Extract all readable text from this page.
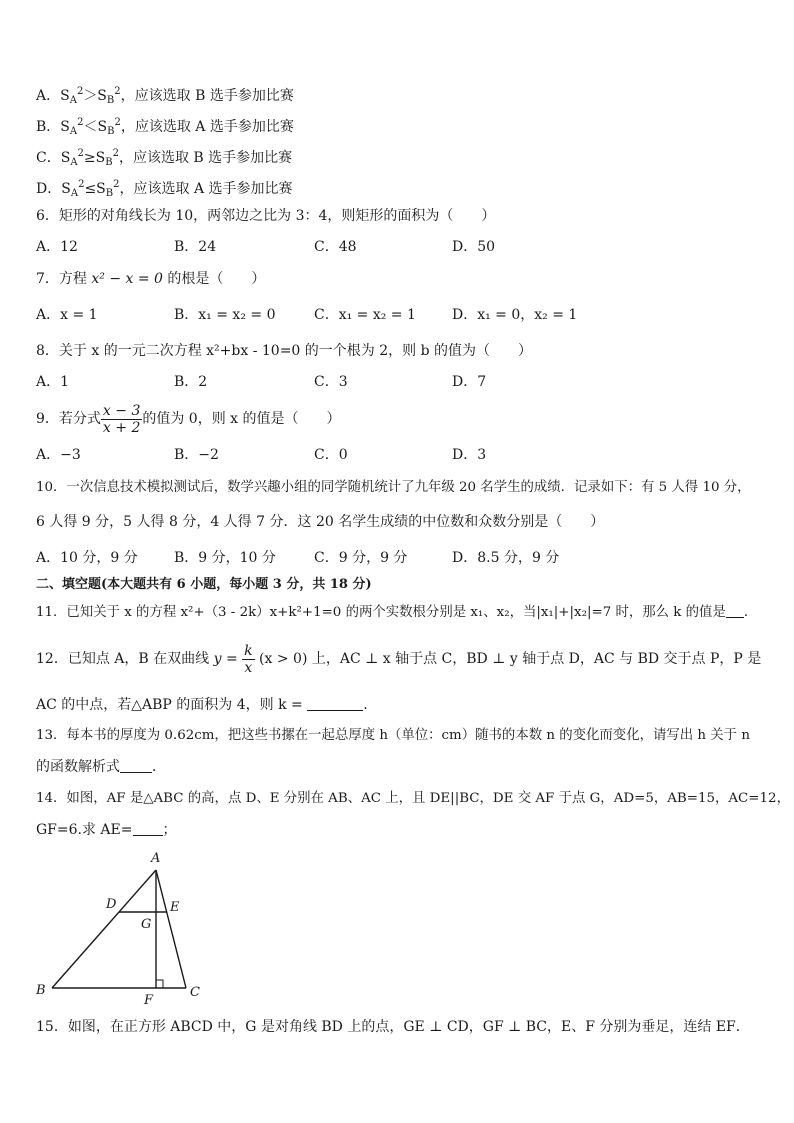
A．$S_A^2>S_B^2$，应该选取 B 选手参加比赛
B．$S_A^2<S_B^2$，应该选取 A 选手参加比赛
C．$S_A^2\ge S_B^2$，应该选取 B 选手参加比赛
D．$S_A^2\le S_B^2$，应该选取 A 选手参加比赛
6．矩形的对角线长为 10，两邻边之比为 3：4，则矩形的面积为（　　）
A．12	B．24	C．48	D．50
7．方程 x² − x = 0 的根是（　　）
A．x = 1	B．x₁ = x₂ = 0	C．x₁ = x₂ = 1	D．x₁ = 0，x₂ = 1
8．关于 x 的一元二次方程 x²+bx - 10=0 的一个根为 2，则 b 的值为（　　）
A．1	B．2	C．3	D．7
9．若分式 $\frac{x - 3}{x + 2}$ 的值为 0，则 x 的值是（　　）
A．−3	B．−2	C．0	D．3
10．一次信息技术模拟测试后，数学兴趣小组的同学随机统计了九年级 20 名学生的成绩．记录如下：有 5 人得 10 分，
6 人得 9 分，5 人得 8 分，4 人得 7 分．这 20 名学生成绩的中位数和众数分别是（　　）
A．10 分，9 分	B．9 分，10 分	C．9 分，9 分	D．8.5 分，9 分
二、填空题(本大题共有 6 小题，每小题 3 分，共 18 分)
11．已知关于 x 的方程 x²+（3 - 2k）x+k²+1=0 的两个实数根分别是 x₁、x₂，当|x₁|+|x₂|=7 时，那么 k 的值是 ．
12．已知点 A，B 在双曲线 $y = \frac{k}{x} (x > 0)$ 上，AC ⊥ x 轴于点 C，BD ⊥ y 轴于点 D，AC 与 BD 交于点 P，P 是
AC 的中点，若△ABP 的面积为 4，则 k =	.
13．每本书的厚度为 0.62cm，把这些书摞在一起总厚度 h（单位：cm）随书的本数 n 的变化而变化，请写出 h 关于 n
的函数解析式 ．
14．如图，AF 是△ABC 的高，点 D、E 分别在 AB、AC 上，且 DE||BC，DE 交 AF 于点 G，AD=5，AB=15，AC=12，
GF=6.求 AE= ；
A
B	C
D	E
F
G
15．如图，在正方形 ABCD 中，G 是对角线 BD 上的点，GE ⊥ CD，GF ⊥ BC，E、F 分别为垂足，连结 EF．
